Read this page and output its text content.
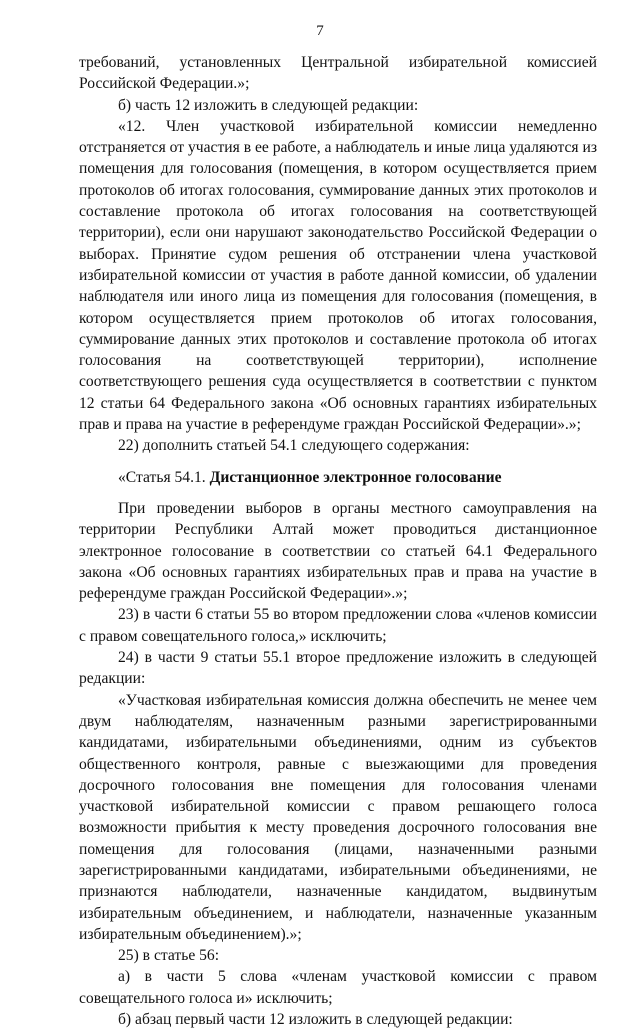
7

требований, установленных Центральной избирательной комиссией Российской Федерации.»;

б) часть 12 изложить в следующей редакции:

«12. Член участковой избирательной комиссии немедленно отстраняется от участия в ее работе, а наблюдатель и иные лица удаляются из помещения для голосования (помещения, в котором осуществляется прием протоколов об итогах голосования, суммирование данных этих протоколов и составление протокола об итогах голосования на соответствующей территории), если они нарушают законодательство Российской Федерации о выборах. Принятие судом решения об отстранении члена участковой избирательной комиссии от участия в работе данной комиссии, об удалении наблюдателя или иного лица из помещения для голосования (помещения, в котором осуществляется прием протоколов об итогах голосования, суммирование данных этих протоколов и составление протокола об итогах голосования на соответствующей территории), исполнение соответствующего решения суда осуществляется в соответствии с пунктом 12 статьи 64 Федерального закона «Об основных гарантиях избирательных прав и права на участие в референдуме граждан Российской Федерации».»;

22) дополнить статьей 54.1 следующего содержания:

«Статья 54.1. Дистанционное электронное голосование

При проведении выборов в органы местного самоуправления на территории Республики Алтай может проводиться дистанционное электронное голосование в соответствии со статьей 64.1 Федерального закона «Об основных гарантиях избирательных прав и права на участие в референдуме граждан Российской Федерации».»;

23) в части 6 статьи 55 во втором предложении слова «членов комиссии с правом совещательного голоса,» исключить;

24) в части 9 статьи 55.1 второе предложение изложить в следующей редакции:

«Участковая избирательная комиссия должна обеспечить не менее чем двум наблюдателям, назначенным разными зарегистрированными кандидатами, избирательными объединениями, одним из субъектов общественного контроля, равные с выезжающими для проведения досрочного голосования вне помещения для голосования членами участковой избирательной комиссии с правом решающего голоса возможности прибытия к месту проведения досрочного голосования вне помещения для голосования (лицами, назначенными разными зарегистрированными кандидатами, избирательными объединениями, не признаются наблюдатели, назначенные кандидатом, выдвинутым избирательным объединением, и наблюдатели, назначенные указанным избирательным объединением).»;

25) в статье 56:

а) в части 5 слова «членам участковой комиссии с правом совещательного голоса и» исключить;

б) абзац первый части 12 изложить в следующей редакции:
